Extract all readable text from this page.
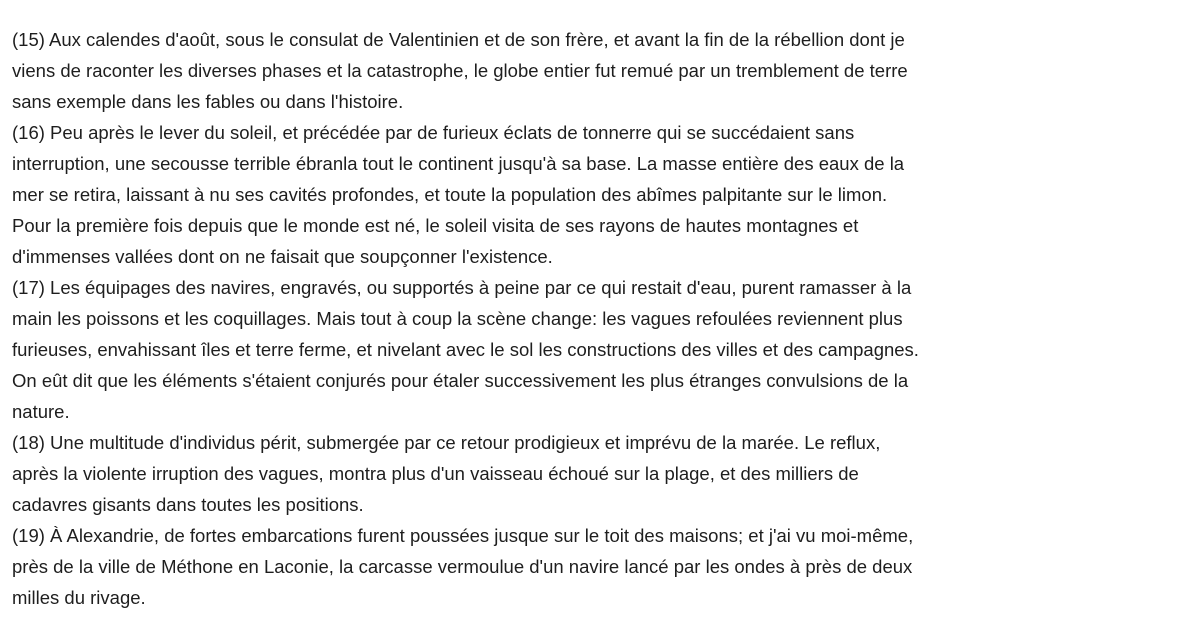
(15) Aux calendes d'août, sous le consulat de Valentinien et de son frère, et avant la fin de la rébellion dont je
viens de raconter les diverses phases et la catastrophe, le globe entier fut remué par un tremblement de terre
sans exemple dans les fables ou dans l'histoire.
(16) Peu après le lever du soleil, et précédée par de furieux éclats de tonnerre qui se succédaient sans
interruption, une secousse terrible ébranla tout le continent jusqu'à sa base. La masse entière des eaux de la
mer se retira, laissant à nu ses cavités profondes, et toute la population des abîmes palpitante sur le limon.
Pour la première fois depuis que le monde est né, le soleil visita de ses rayons de hautes montagnes et
d'immenses vallées dont on ne faisait que soupçonner l'existence.
(17) Les équipages des navires, engravés, ou supportés à peine par ce qui restait d'eau, purent ramasser à la
main les poissons et les coquillages. Mais tout à coup la scène change: les vagues refoulées reviennent plus
furieuses, envahissant îles et terre ferme, et nivelant avec le sol les constructions des villes et des campagnes.
On eût dit que les éléments s'étaient conjurés pour étaler successivement les plus étranges convulsions de la
nature.
(18) Une multitude d'individus périt, submergée par ce retour prodigieux et imprévu de la marée. Le reflux,
après la violente irruption des vagues, montra plus d'un vaisseau échoué sur la plage, et des milliers de
cadavres gisants dans toutes les positions.
(19) À Alexandrie, de fortes embarcations furent poussées jusque sur le toit des maisons; et j'ai vu moi-même,
près de la ville de Méthone en Laconie, la carcasse vermoulue d'un navire lancé par les ondes à près de deux
milles du rivage.
